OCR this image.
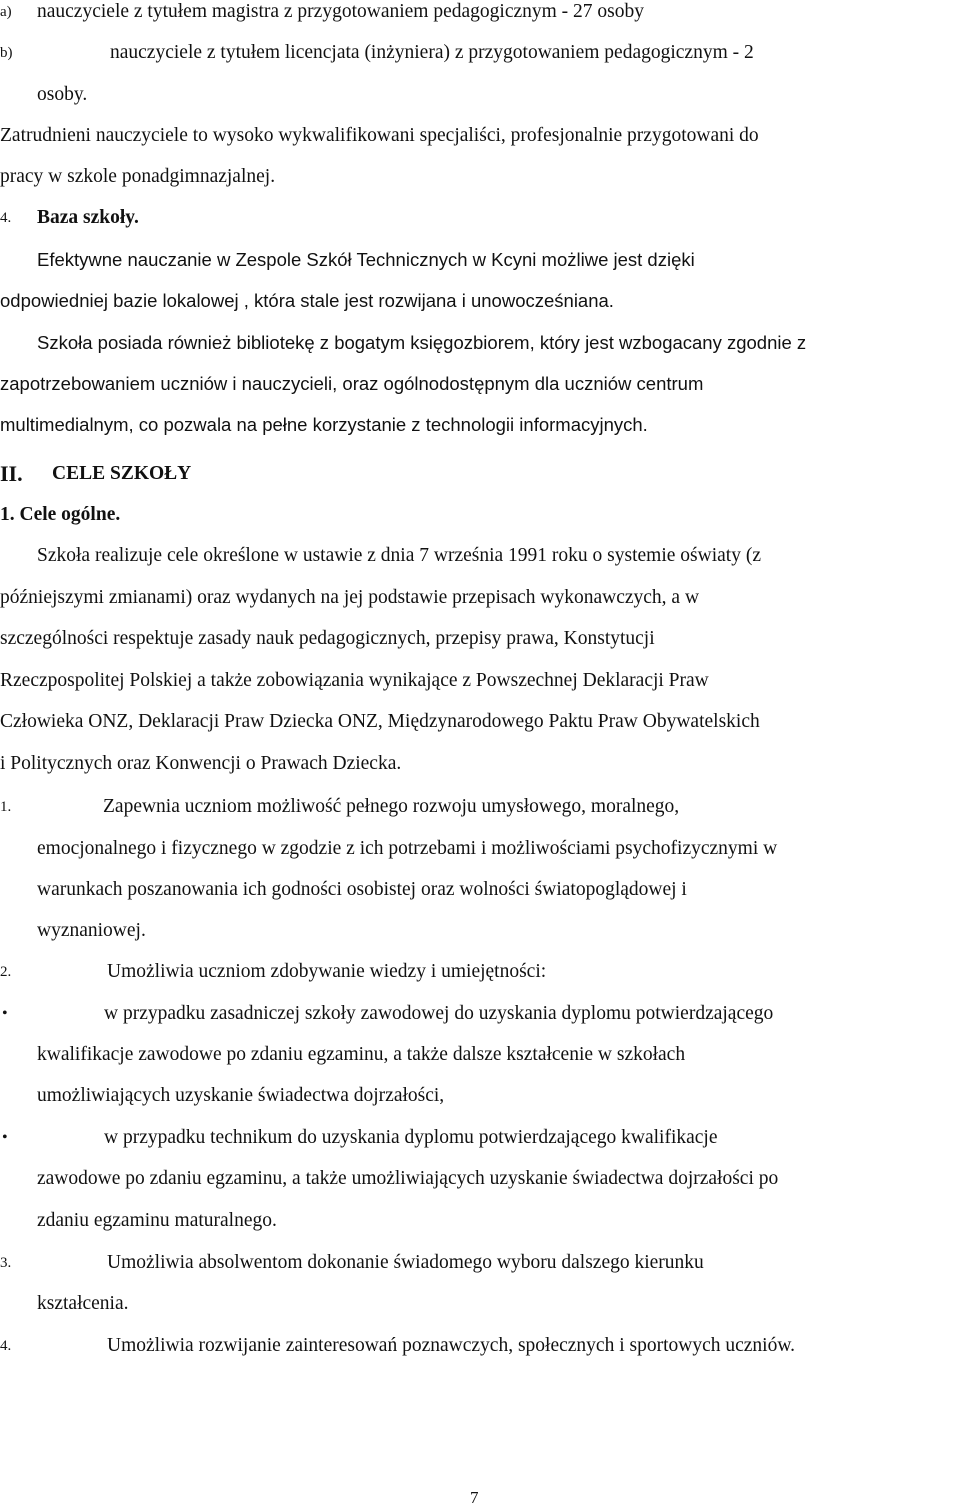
a) nauczyciele z tytułem magistra z przygotowaniem pedagogicznym - 27 osoby
b)	nauczyciele z tytułem licencjata (inżyniera) z przygotowaniem pedagogicznym - 2
osoby.
Zatrudnieni nauczyciele to wysoko wykwalifikowani specjaliści, profesjonalnie przygotowani do
pracy w szkole ponadgimnazjalnej.
4. Baza szkoły.
Efektywne nauczanie w Zespole Szkół Technicznych w Kcyni możliwe jest dzięki
odpowiedniej bazie lokalowej , która stale jest rozwijana i unowocześniana.
Szkoła posiada również bibliotekę z bogatym księgozbiorem, który jest wzbogacany zgodnie z
zapotrzebowaniem uczniów i nauczycieli, oraz ogólnodostępnym dla uczniów centrum
multimedialnym, co pozwala na pełne korzystanie z technologii informacyjnych.
II. CELE SZKOŁY
1. Cele ogólne.
Szkoła realizuje cele określone w ustawie z dnia 7 września 1991 roku o systemie oświaty (z
późniejszymi zmianami) oraz wydanych na jej podstawie przepisach wykonawczych, a w
szczególności respektuje zasady nauk pedagogicznych, przepisy prawa, Konstytucji
Rzeczpospolitej Polskiej a także zobowiązania wynikające z Powszechnej Deklaracji Praw
Człowieka ONZ, Deklaracji Praw Dziecka ONZ, Międzynarodowego Paktu Praw Obywatelskich
i Politycznych oraz Konwencji o Prawach Dziecka.
1.	Zapewnia uczniom możliwość pełnego rozwoju umysłowego, moralnego,
emocjonalnego i fizycznego w zgodzie z ich potrzebami i możliwościami psychofizycznymi w
warunkach poszanowania ich godności osobistej oraz wolności światopoglądowej i
wyznaniowej.
2.	Umożliwia uczniom zdobywanie wiedzy i umiejętności:
•	w przypadku zasadniczej szkoły zawodowej do uzyskania dyplomu potwierdzającego
kwalifikacje zawodowe po zdaniu egzaminu, a także dalsze kształcenie w szkołach
umożliwiających uzyskanie świadectwa dojrzałości,
•	w przypadku technikum do uzyskania dyplomu potwierdzającego kwalifikacje
zawodowe po zdaniu egzaminu, a także umożliwiających uzyskanie świadectwa dojrzałości po
zdaniu egzaminu maturalnego.
3.	Umożliwia absolwentom dokonanie świadomego wyboru dalszego kierunku
kształcenia.
4.	Umożliwia rozwijanie zainteresowań poznawczych, społecznych i sportowych uczniów.
7
